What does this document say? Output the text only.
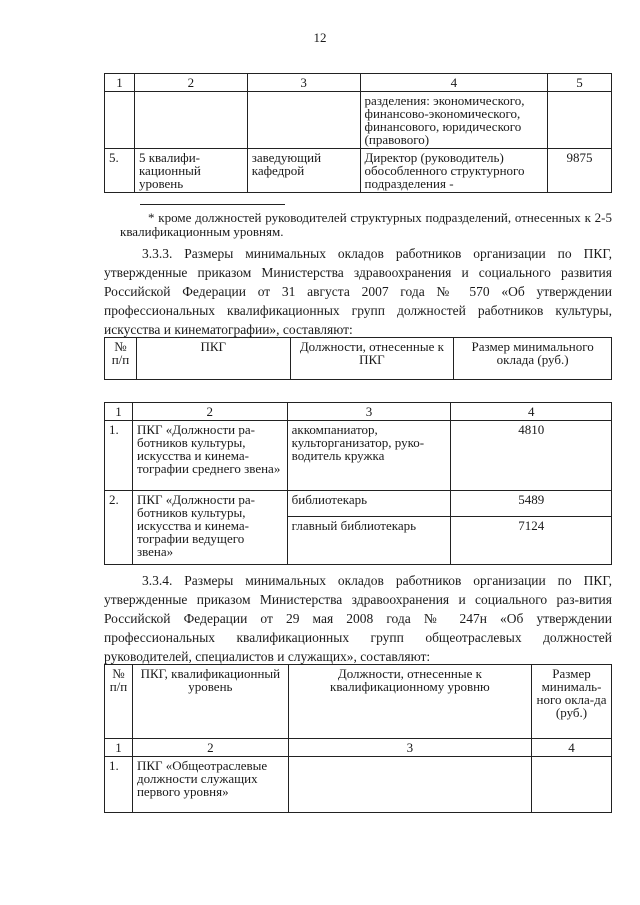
12
1	2	3	4	5
			разделения: экономического, финансово-экономического, финансового, юридического (правового)	
5.	5 квалифи-кационный уровень	заведующий кафедрой	Директор (руководитель) обособленного структурного подразделения -	9875
* кроме должностей руководителей структурных подразделений, отнесенных к 2-5 квалификационным уровням.
3.3.3. Размеры минимальных окладов работников организации по ПКГ, утвержденные приказом Министерства здравоохранения и социального развития Российской Федерации от 31 августа 2007 года № 570 «Об утверждении профессиональных квалификационных групп должностей работников культуры, искусства и кинематографии», составляют:
№ п/п	ПКГ	Должности, отнесенные к ПКГ	Размер минимального оклада (руб.)
1	2	3	4
1.	ПКГ «Должности ра-ботников культуры, искусства и кинема-тографии среднего звена»	аккомпаниатор, культорганизатор, руко-водитель кружка	4810
2.	ПКГ «Должности ра-ботников культуры, искусства и кинема-тографии ведущего звена»	библиотекарь	5489
		главный библиотекарь	7124
3.3.4. Размеры минимальных окладов работников организации по ПКГ, утвержденные приказом Министерства здравоохранения и социального раз-вития Российской Федерации от 29 мая 2008 года № 247н «Об утверждении профессиональных квалификационных групп общеотраслевых должностей руководителей, специалистов и служащих», составляют:
№ п/п	ПКГ, квалификационный уровень	Должности, отнесенные к квалификационному уровню	Размер минималь-ного окла-да (руб.)
1	2	3	4
1.	ПКГ «Общеотраслевые должности служащих первого уровня»		
